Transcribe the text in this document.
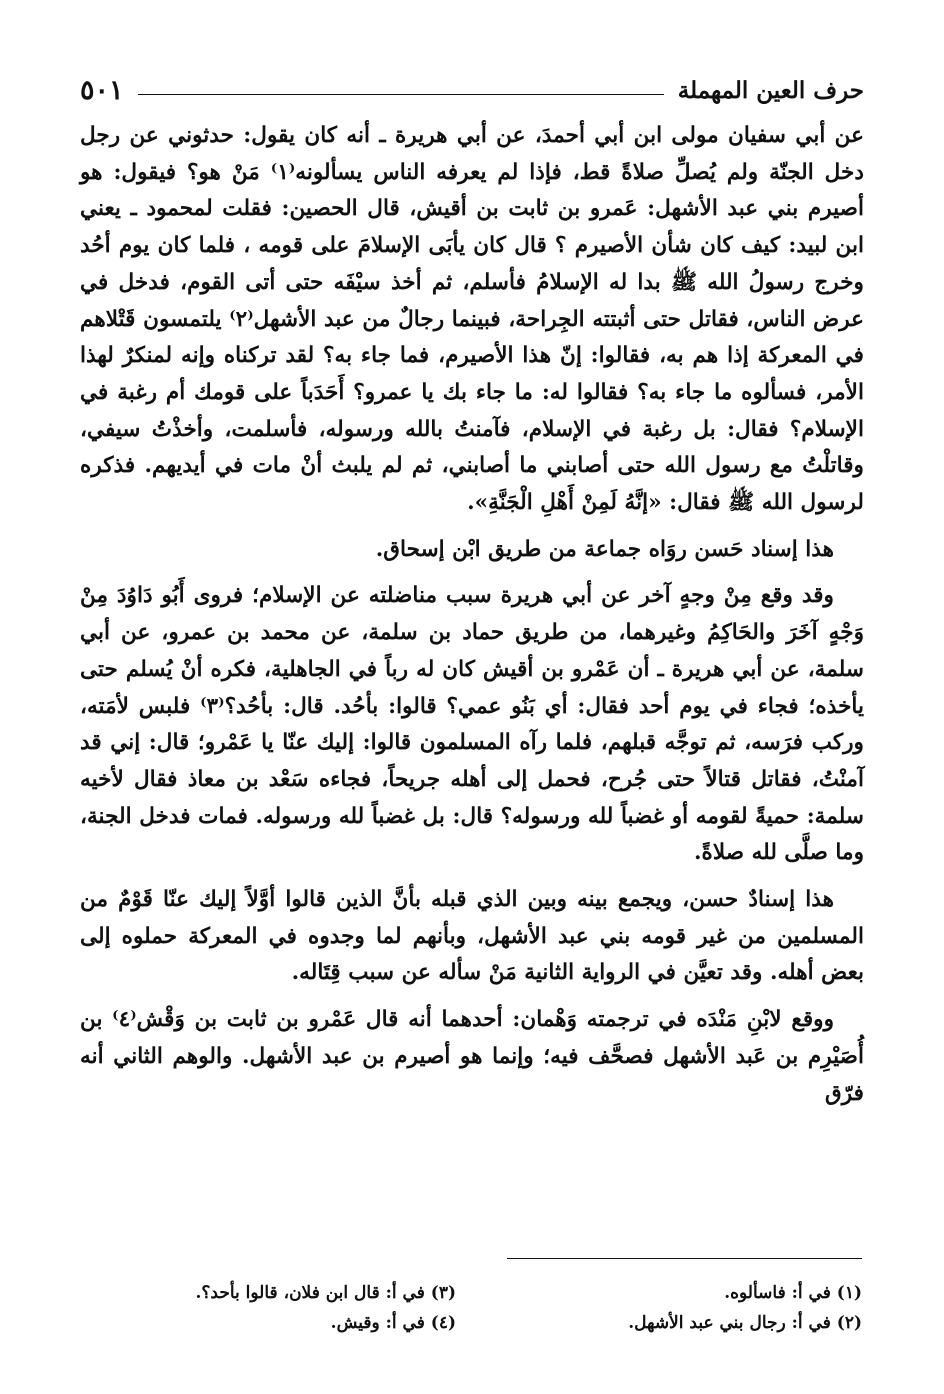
حرف العين المهملة
٥٠١

عن أبي سفيان مولى ابن أبي أحمدَ، عن أبي هريرة ـ أنه كان يقول: حدثوني عن رجل دخل الجنّة ولم يُصلِّ صلاةً قط، فإذا لم يعرفه الناس يسألونه⁽١⁾ مَنْ هو؟ فيقول: هو أصيرم بني عبد الأشهل: عَمرو بن ثابت بن أقيش، قال الحصين: فقلت لمحمود ـ يعني ابن لبيد: كيف كان شأن الأصيرم ؟ قال كان يأبَى الإسلامَ على قومه ، فلما كان يوم أحُد وخرج رسولُ الله ﷺ بدا له الإسلامُ فأسلم، ثم أخذ سيْفَه حتى أتى القوم، فدخل في عرض الناس، فقاتل حتى أثبتته الجِراحة، فبينما رجالٌ من عبد الأشهل⁽٢⁾ يلتمسون قَتْلاهم في المعركة إذا هم به، فقالوا: إنّ هذا الأصيرم، فما جاء به؟ لقد تركناه وإنه لمنكرٌ لهذا الأمر، فسألوه ما جاء به؟ فقالوا له: ما جاء بك يا عمرو؟ أَحَدَباً على قومك أم رغبة في الإسلام؟ فقال: بل رغبة في الإسلام، فآمنتُ بالله ورسوله، فأسلمت، وأخذْتُ سيفي، وقاتلْتُ مع رسول الله حتى أصابني ما أصابني، ثم لم يلبث أنْ مات في أيديهم. فذكره لرسول الله ﷺ فقال: «إنَّهُ لَمِنْ أَهْلِ الْجَنَّةِ».

هذا إسناد حَسن روَاه جماعة من طريق ابْن إسحاق.

وقد وقع مِنْ وجهٍ آخر عن أبي هريرة سبب مناضلته عن الإسلام؛ فروى أَبُو دَاوُدَ مِنْ وَجْهٍ آخَرَ والحَاكِمُ وغيرهما، من طريق حماد بن سلمة، عن محمد بن عمرو، عن أبي سلمة، عن أبي هريرة ـ أن عَمْرو بن أقيش كان له رباً في الجاهلية، فكره أنْ يُسلم حتى يأخذه؛ فجاء في يوم أحد فقال: أي بَنُو عمي؟ قالوا: بأحُد. قال: بأحُد؟⁽٣⁾ فلبس لأمَته، وركب فرَسه، ثم توجَّه قبلهم، فلما رآه المسلمون قالوا: إليك عنّا يا عَمْرو؛ قال: إني قد آمنْتُ، فقاتل قتالاً حتى جُرح، فحمل إلى أهله جريحاً، فجاءه سَعْد بن معاذ فقال لأخيه سلمة: حميةً لقومه أو غضباً لله ورسوله؟ قال: بل غضباً لله ورسوله. فمات فدخل الجنة، وما صلَّى لله صلاةً.

هذا إسنادٌ حسن، ويجمع بينه وبين الذي قبله بأنَّ الذين قالوا أوَّلاً إليك عنّا قَوْمٌ من المسلمين من غير قومه بني عبد الأشهل، وبأنهم لما وجدوه في المعركة حملوه إلى بعض أهله. وقد تعيَّن في الرواية الثانية مَنْ سأله عن سبب قِتَاله.

ووقع لابْنِ مَنْدَه في ترجمته وَهْمان: أحدهما أنه قال عَمْرو بن ثابت بن وَقْش⁽٤⁾ بن أُصَيْرِم بن عَبد الأشهل فصحَّف فيه؛ وإنما هو أصيرم بن عبد الأشهل. والوهم الثاني أنه فرّق

(١) في أ: فاسألوه.
(٣) في أ: قال ابن فلان، قالوا بأحد؟.
(٢) في أ: رجال بني عبد الأشهل.
(٤) في أ: وقيش.
